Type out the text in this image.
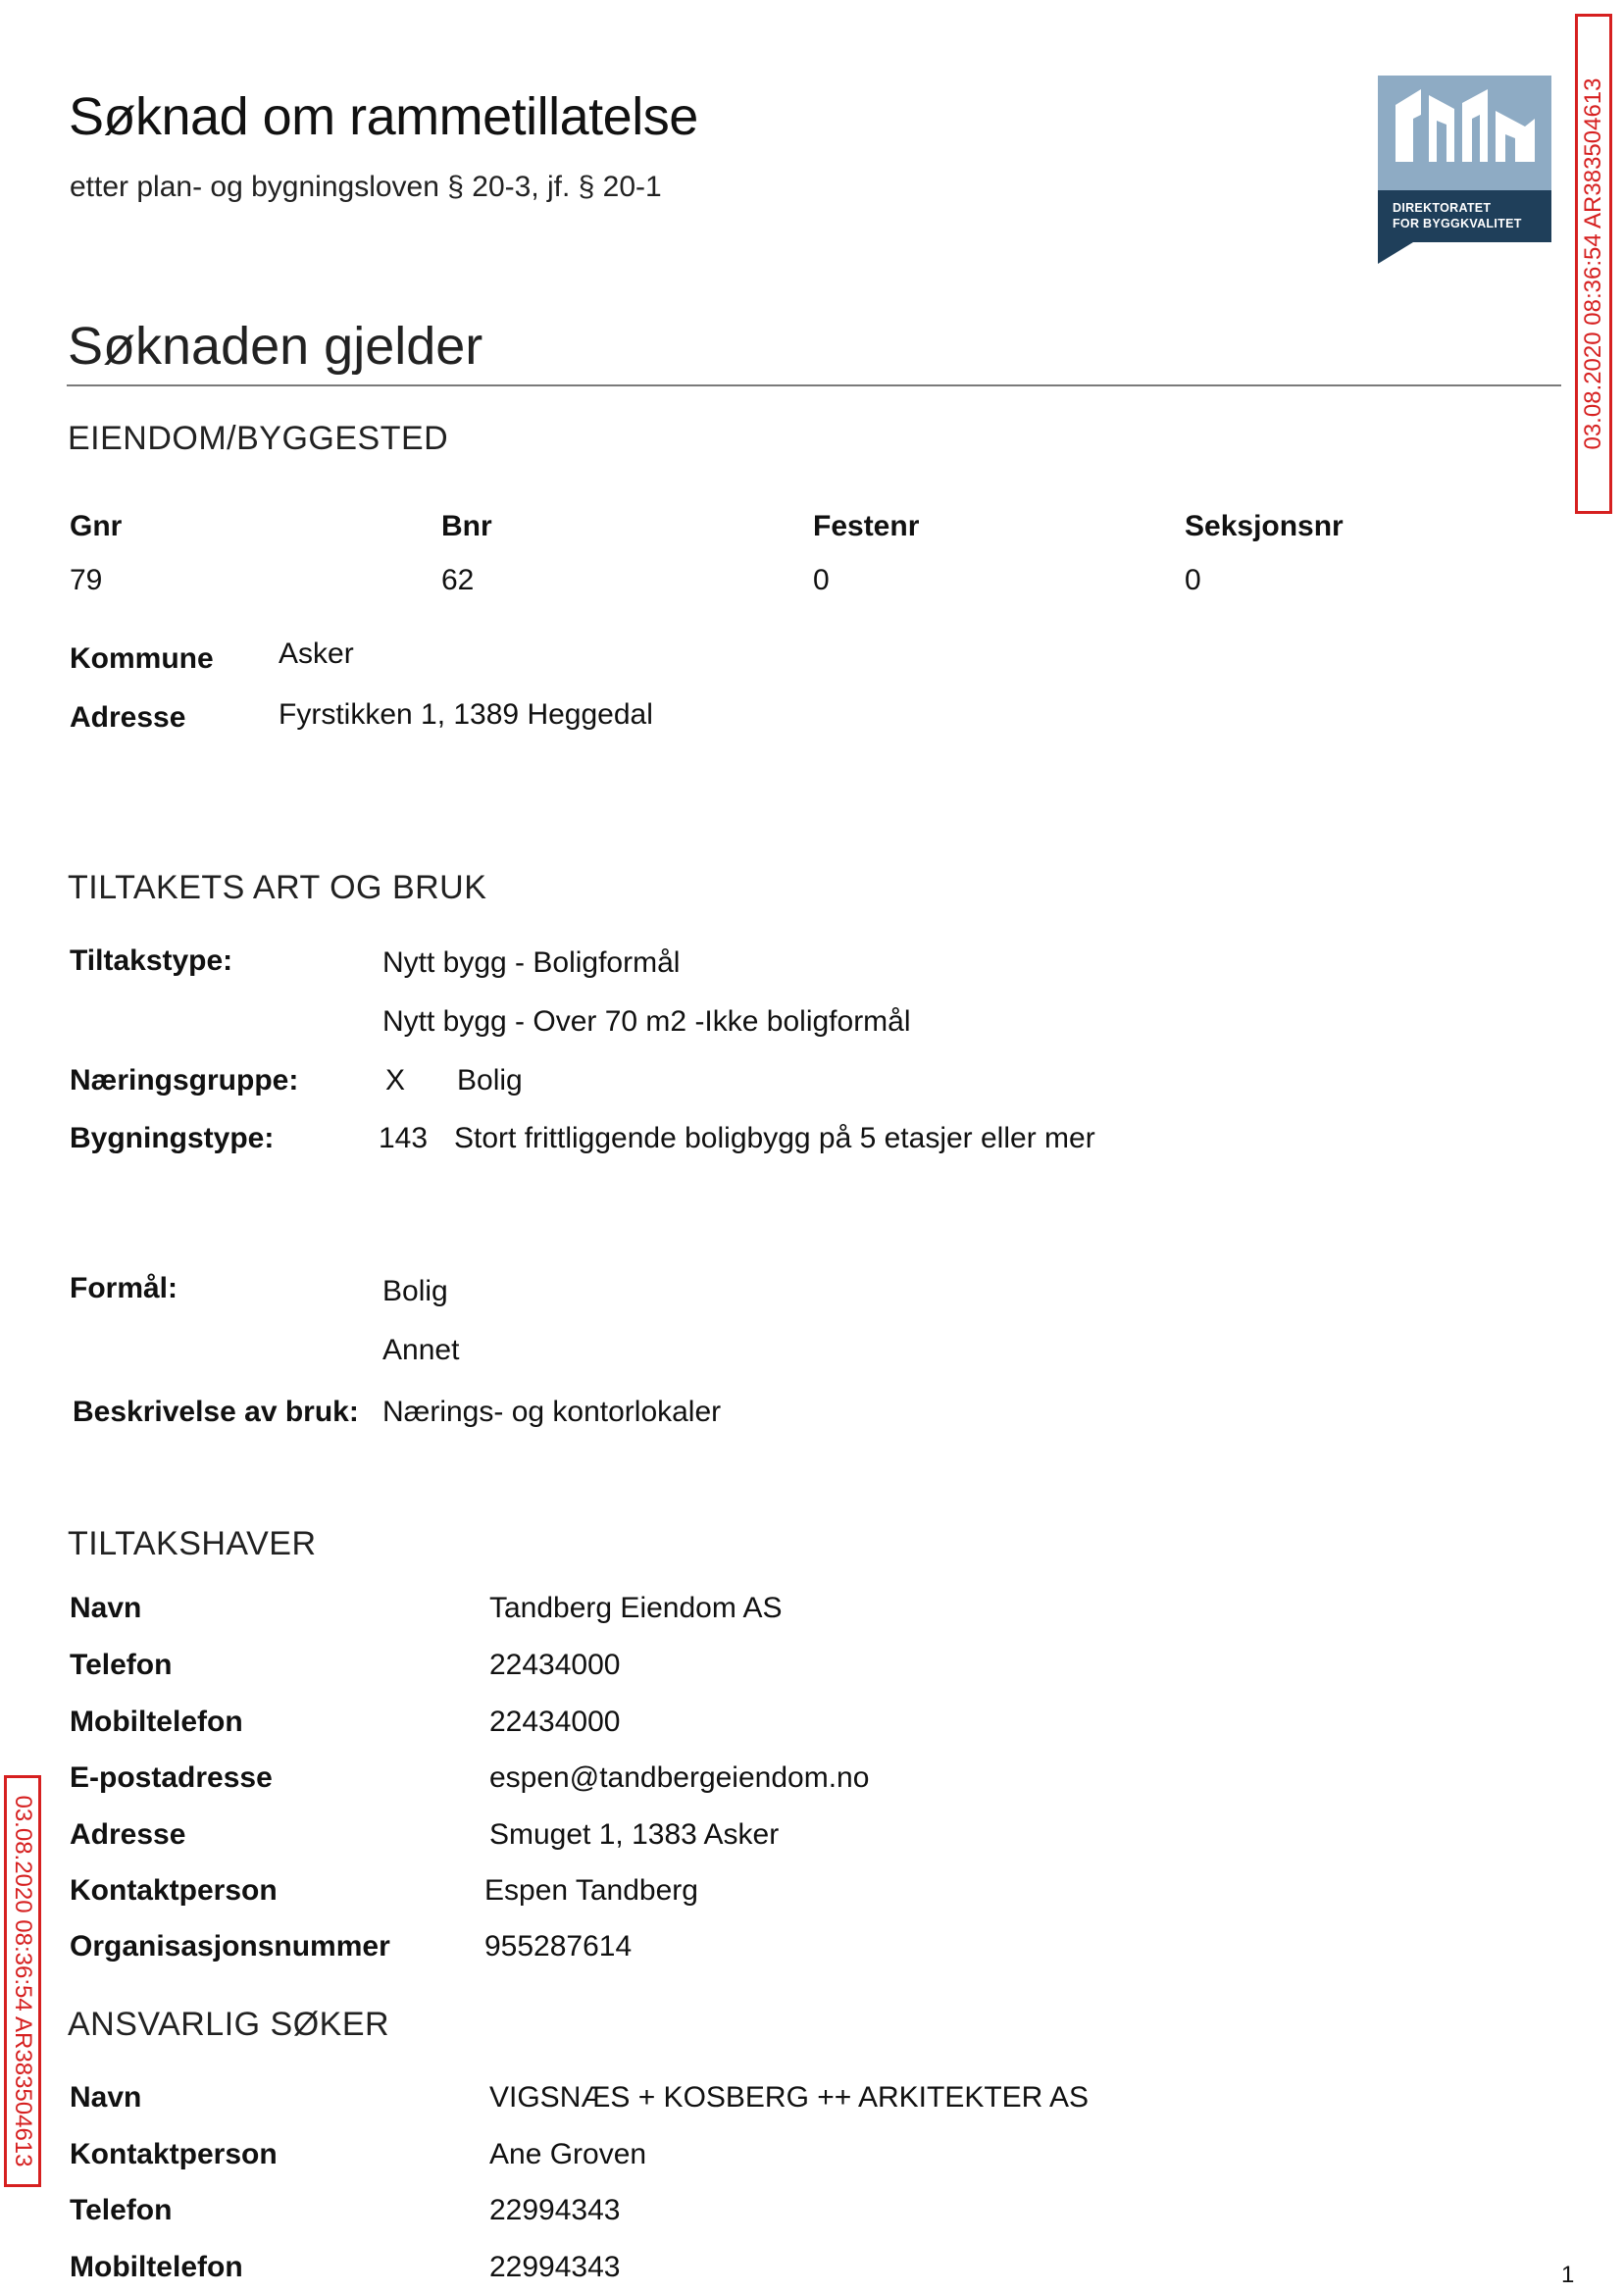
Søknad om rammetillatelse
etter plan- og bygningsloven § 20-3, jf. § 20-1
DIREKTORATET
FOR BYGGKVALITET	03.08.2020 08:36:54 AR383504613
03.08.2020 08:36:54 AR383504613
Søknaden gjelder
EIENDOM/BYGGESTED
Gnr	Bnr	Festenr	Seksjonsnr
79	62	0	0
Kommune Asker
Adresse	Fyrstikken 1, 1389 Heggedal
TILTAKETS ART OG BRUK
Tiltakstype:	Nytt bygg - Boligformål
Nytt bygg - Over 70 m2 -Ikke boligformål
Næringsgruppe:	X Bolig
Bygningstype:	143 Stort frittliggende boligbygg på 5 etasjer eller mer
Formål:	Bolig
Annet
Beskrivelse av bruk: Nærings- og kontorlokaler
TILTAKSHAVER
Navn	Tandberg Eiendom AS
Telefon	22434000
Mobiltelefon	22434000
E-postadresse	espen@tandbergeiendom.no
Adresse	Smuget 1, 1383 Asker
Kontaktperson	Espen Tandberg
Organisasjonsnummer	955287614
ANSVARLIG SØKER
Navn	VIGSNÆS + KOSBERG ++ ARKITEKTER AS
Kontaktperson	Ane Groven
Telefon	22994343
Mobiltelefon	22994343	1
